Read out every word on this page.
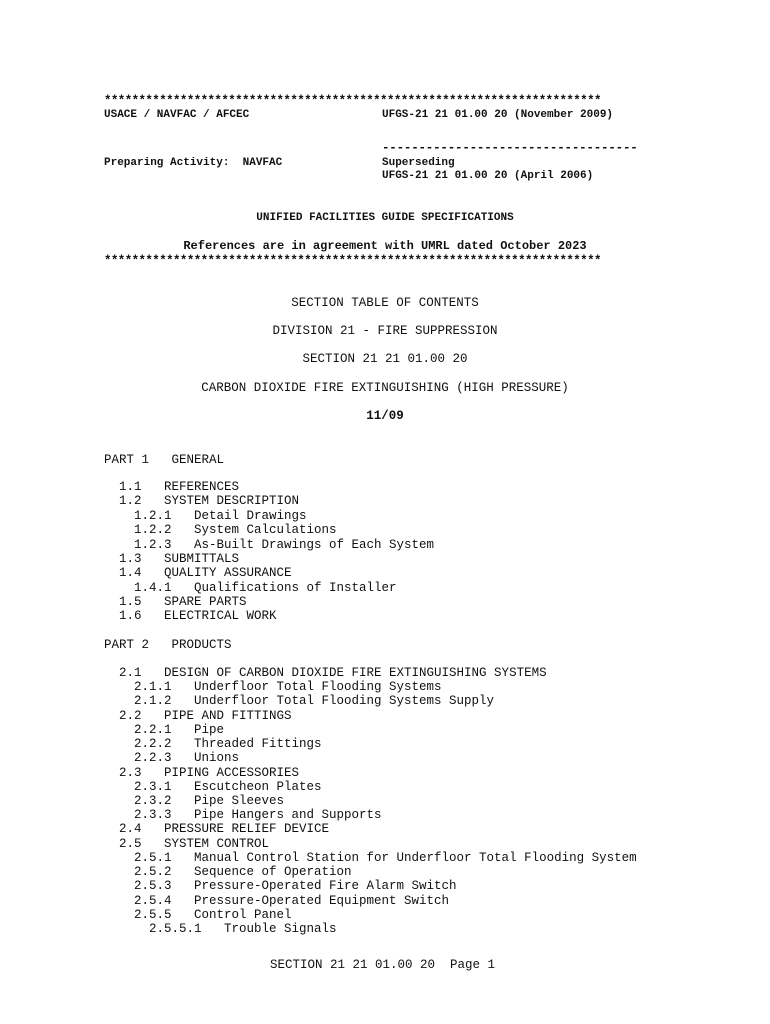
************************************************************************
USACE / NAVFAC / AFCEC	UFGS-21 21 01.00 20 (November 2009)
-----------------------------------
Preparing Activity:  NAVFAC	Superseding
UFGS-21 21 01.00 20 (April 2006)
UNIFIED FACILITIES GUIDE SPECIFICATIONS
References are in agreement with UMRL dated October 2023
************************************************************************
SECTION TABLE OF CONTENTS
DIVISION 21 - FIRE SUPPRESSION
SECTION 21 21 01.00 20
CARBON DIOXIDE FIRE EXTINGUISHING (HIGH PRESSURE)
11/09
PART 1   GENERAL
1.1   REFERENCES
1.2   SYSTEM DESCRIPTION
1.2.1   Detail Drawings
1.2.2   System Calculations
1.2.3   As-Built Drawings of Each System
1.3   SUBMITTALS
1.4   QUALITY ASSURANCE
1.4.1   Qualifications of Installer
1.5   SPARE PARTS
1.6   ELECTRICAL WORK
PART 2   PRODUCTS
2.1   DESIGN OF CARBON DIOXIDE FIRE EXTINGUISHING SYSTEMS
2.1.1   Underfloor Total Flooding Systems
2.1.2   Underfloor Total Flooding Systems Supply
2.2   PIPE AND FITTINGS
2.2.1   Pipe
2.2.2   Threaded Fittings
2.2.3   Unions
2.3   PIPING ACCESSORIES
2.3.1   Escutcheon Plates
2.3.2   Pipe Sleeves
2.3.3   Pipe Hangers and Supports
2.4   PRESSURE RELIEF DEVICE
2.5   SYSTEM CONTROL
2.5.1   Manual Control Station for Underfloor Total Flooding System
2.5.2   Sequence of Operation
2.5.3   Pressure-Operated Fire Alarm Switch
2.5.4   Pressure-Operated Equipment Switch
2.5.5   Control Panel
2.5.5.1   Trouble Signals
SECTION 21 21 01.00 20  Page 1
